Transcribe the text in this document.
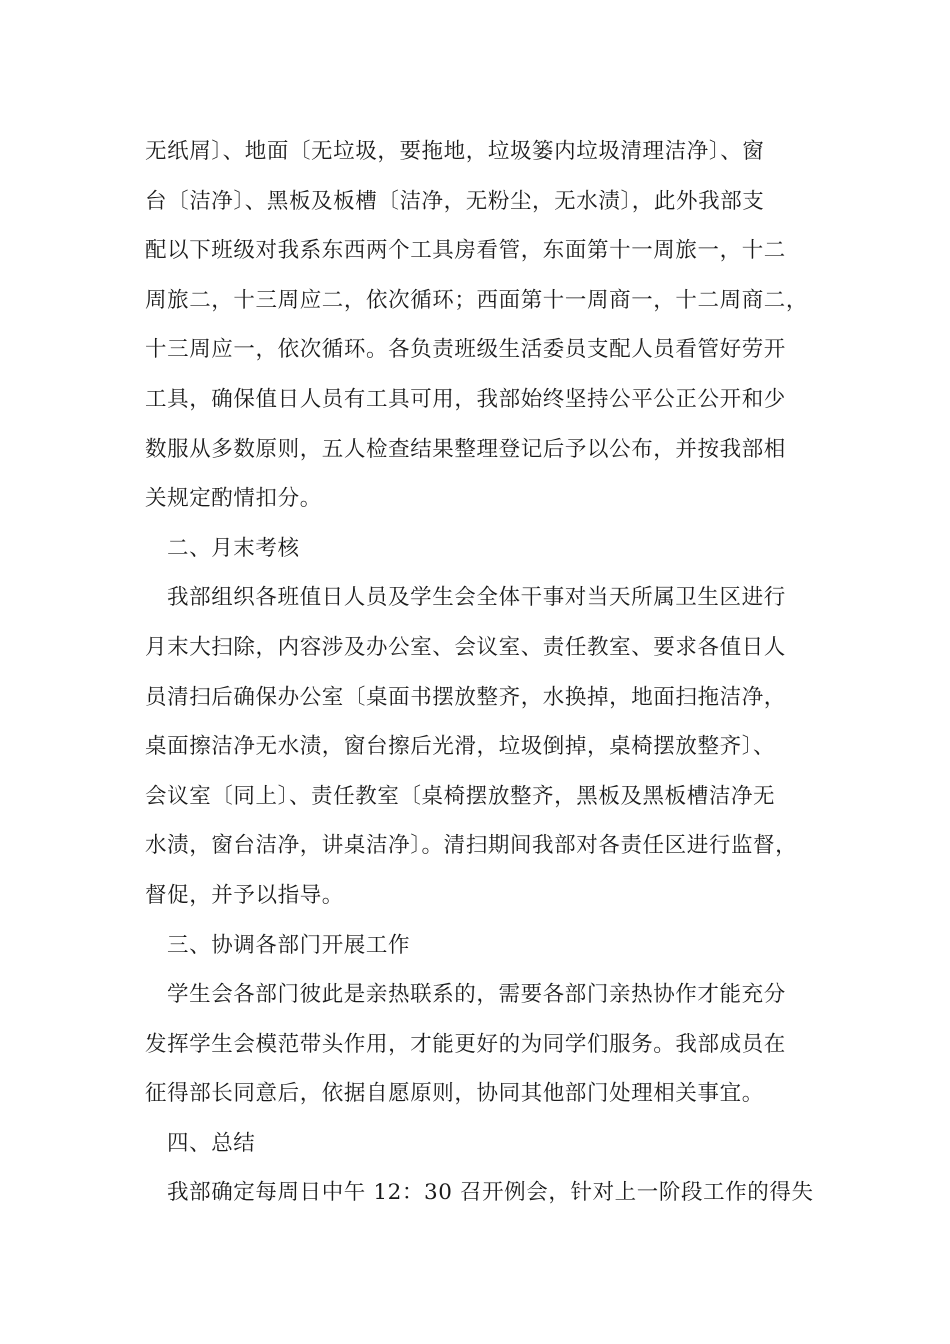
无纸屑〕、地面〔无垃圾，要拖地，垃圾篓内垃圾清理洁净〕、窗
台〔洁净〕、黑板及板槽〔洁净，无粉尘，无水渍〕，此外我部支
配以下班级对我系东西两个工具房看管，东面第十一周旅一，十二
周旅二，十三周应二，依次循环；西面第十一周商一，十二周商二，
十三周应一，依次循环。各负责班级生活委员支配人员看管好劳开
工具，确保值日人员有工具可用，我部始终坚持公平公正公开和少
数服从多数原则，五人检查结果整理登记后予以公布，并按我部相
关规定酌情扣分。
二、月末考核
我部组织各班值日人员及学生会全体干事对当天所属卫生区进行
月末大扫除，内容涉及办公室、会议室、责任教室、要求各值日人
员清扫后确保办公室〔桌面书摆放整齐，水换掉，地面扫拖洁净，
桌面擦洁净无水渍，窗台擦后光滑，垃圾倒掉，桌椅摆放整齐〕、
会议室〔同上〕、责任教室〔桌椅摆放整齐，黑板及黑板槽洁净无
水渍，窗台洁净，讲桌洁净〕。清扫期间我部对各责任区进行监督，
督促，并予以指导。
三、协调各部门开展工作
学生会各部门彼此是亲热联系的，需要各部门亲热协作才能充分
发挥学生会模范带头作用，才能更好的为同学们服务。我部成员在
征得部长同意后，依据自愿原则，协同其他部门处理相关事宜。
四、总结
我部确定每周日中午 12：30 召开例会，针对上一阶段工作的得失
